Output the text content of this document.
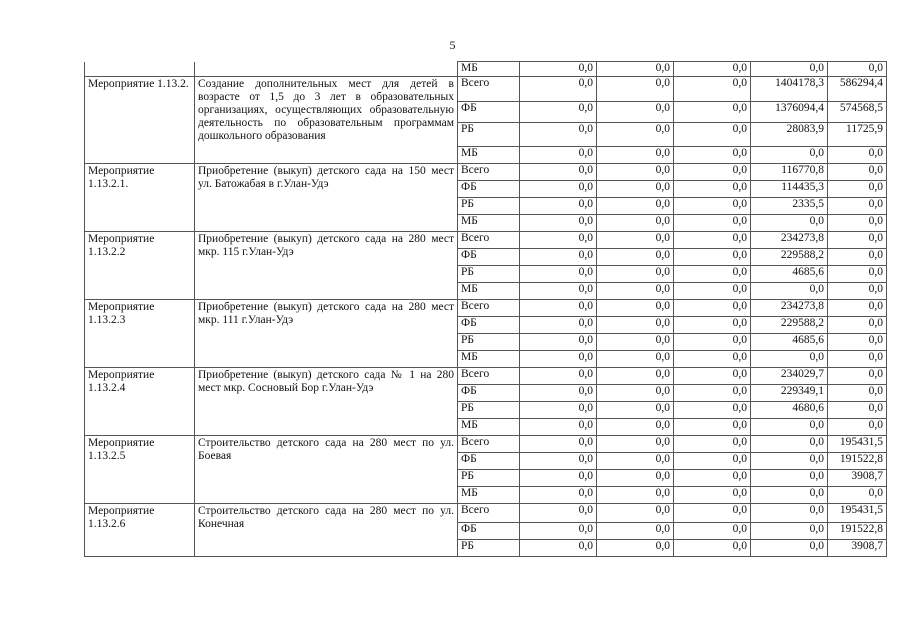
5
		МБ	0,0	0,0	0,0	0,0	0,0
Мероприятие 1.13.2.	Создание дополнительных мест для детей в возрасте от 1,5 до 3 лет в образовательных организациях, осуществляющих образовательную деятельность по образовательным программам дошкольного образования	Всего	0,0	0,0	0,0	1404178,3	586294,4
		ФБ	0,0	0,0	0,0	1376094,4	574568,5
		РБ	0,0	0,0	0,0	28083,9	11725,9
		МБ	0,0	0,0	0,0	0,0	0,0
Мероприятие 1.13.2.1.	Приобретение (выкуп) детского сада на 150 мест ул. Батожабая в г.Улан-Удэ	Всего	0,0	0,0	0,0	116770,8	0,0
		ФБ	0,0	0,0	0,0	114435,3	0,0
		РБ	0,0	0,0	0,0	2335,5	0,0
		МБ	0,0	0,0	0,0	0,0	0,0
Мероприятие 1.13.2.2	Приобретение (выкуп) детского сада на 280 мест мкр. 115 г.Улан-Удэ	Всего	0,0	0,0	0,0	234273,8	0,0
		ФБ	0,0	0,0	0,0	229588,2	0,0
		РБ	0,0	0,0	0,0	4685,6	0,0
		МБ	0,0	0,0	0,0	0,0	0,0
Мероприятие 1.13.2.3	Приобретение (выкуп) детского сада на 280 мест мкр. 111 г.Улан-Удэ	Всего	0,0	0,0	0,0	234273,8	0,0
		ФБ	0,0	0,0	0,0	229588,2	0,0
		РБ	0,0	0,0	0,0	4685,6	0,0
		МБ	0,0	0,0	0,0	0,0	0,0
Мероприятие 1.13.2.4	Приобретение (выкуп) детского сада № 1 на 280 мест мкр. Сосновый Бор г.Улан-Удэ	Всего	0,0	0,0	0,0	234029,7	0,0
		ФБ	0,0	0,0	0,0	229349,1	0,0
		РБ	0,0	0,0	0,0	4680,6	0,0
		МБ	0,0	0,0	0,0	0,0	0,0
Мероприятие 1.13.2.5	Строительство детского сада на 280 мест по ул. Боевая	Всего	0,0	0,0	0,0	0,0	195431,5
		ФБ	0,0	0,0	0,0	0,0	191522,8
		РБ	0,0	0,0	0,0	0,0	3908,7
		МБ	0,0	0,0	0,0	0,0	0,0
Мероприятие 1.13.2.6	Строительство детского сада на 280 мест по ул. Конечная	Всего	0,0	0,0	0,0	0,0	195431,5
		ФБ	0,0	0,0	0,0	0,0	191522,8
		РБ	0,0	0,0	0,0	0,0	3908,7
